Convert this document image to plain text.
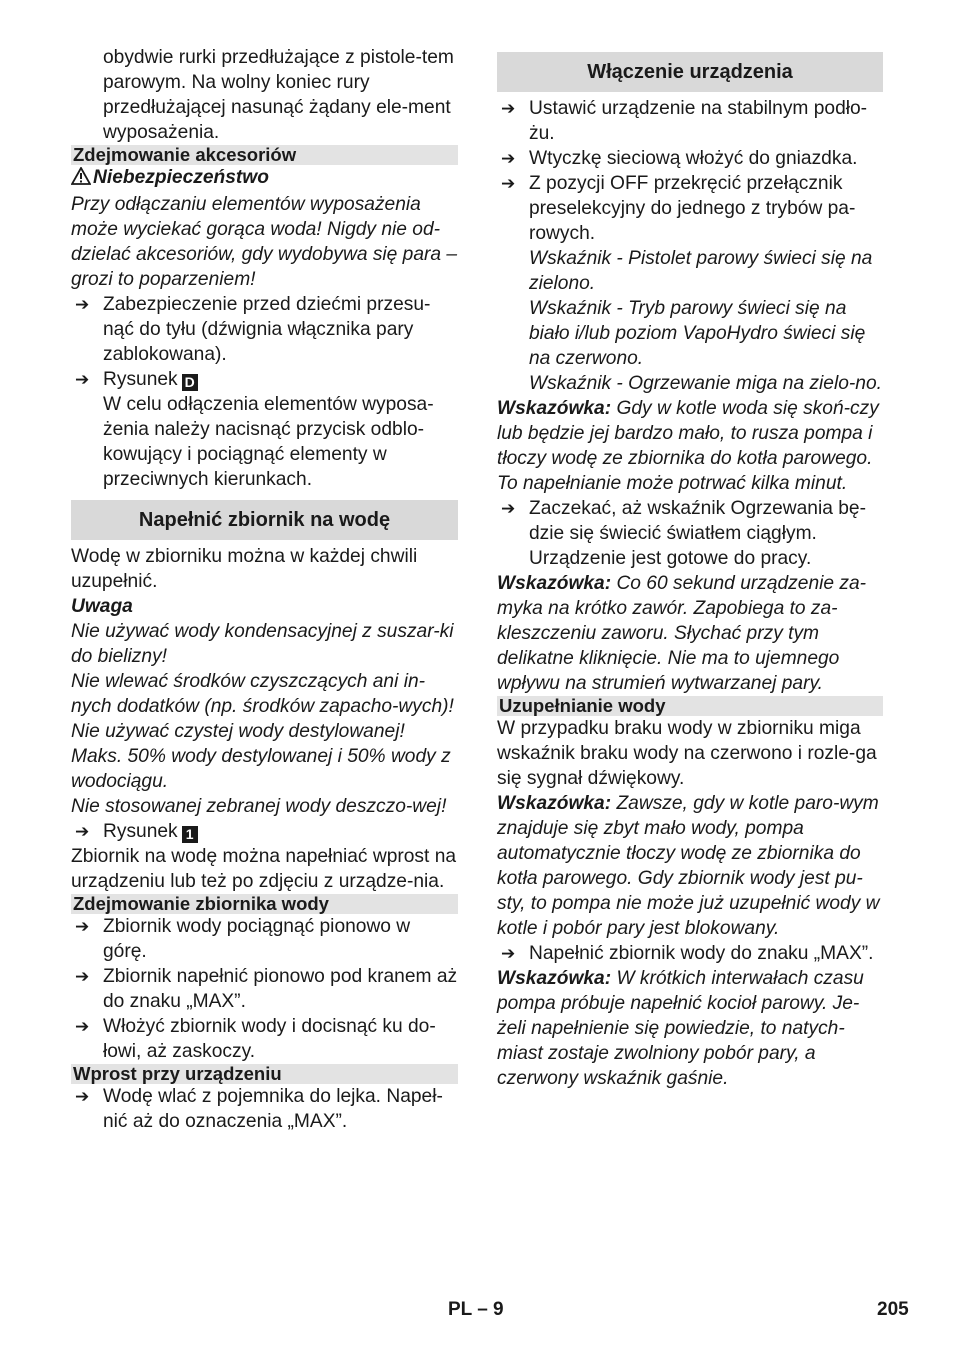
obydwie rurki przedłużające z pistole-tem parowym. Na wolny koniec rury przedłużającej nasunąć żądany ele-ment wyposażenia.

Zdejmowanie akcesoriów

Niebezpieczeństwo

Przy odłączaniu elementów wyposażenia może wyciekać gorąca woda! Nigdy nie od-dzielać akcesoriów, gdy wydobywa się para – grozi to poparzeniem!

➔ Zabezpieczenie przed dziećmi przesu-nąć do tyłu (dźwignia włącznika pary zablokowana).

➔ Rysunek D

W celu odłączenia elementów wyposa-żenia należy nacisnąć przycisk odblo-kowujący i pociągnąć elementy w przeciwnych kierunkach.

Napełnić zbiornik na wodę

Wodę w zbiorniku można w każdej chwili uzupełnić.

Uwaga

Nie używać wody kondensacyjnej z suszar-ki do bielizny!

Nie wlewać środków czyszczących ani in-nych dodatków (np. środków zapacho-wych)!

Nie używać czystej wody destylowanej! Maks. 50% wody destylowanej i 50% wody z wodociągu.

Nie stosowanej zebranej wody deszczo-wej!

➔ Rysunek 1

Zbiornik na wodę można napełniać wprost na urządzeniu lub też po zdjęciu z urządze-nia.

Zdejmowanie zbiornika wody

➔ Zbiornik wody pociągnąć pionowo w górę.

➔ Zbiornik napełnić pionowo pod kranem aż do znaku „MAX”.

➔ Włożyć zbiornik wody i docisnąć ku do-łowi, aż zaskoczy.

Wprost przy urządzeniu

➔ Wodę wlać z pojemnika do lejka. Napeł-nić aż do oznaczenia „MAX”.

Włączenie urządzenia

➔ Ustawić urządzenie na stabilnym podło-żu.

➔ Wtyczkę sieciową włożyć do gniazdka.

➔ Z pozycji OFF przekręcić przełącznik preselekcyjny do jednego z trybów pa-rowych.

Wskaźnik - Pistolet parowy świeci się na zielono.

Wskaźnik - Tryb parowy świeci się na biało i/lub poziom VapoHydro świeci się na czerwono.

Wskaźnik - Ogrzewanie miga na zielo-no.

Wskazówka: Gdy w kotle woda się skoń-czy lub będzie jej bardzo mało, to rusza pompa i tłoczy wodę ze zbiornika do kotła parowego. To napełnianie może potrwać kilka minut.

➔ Zaczekać, aż wskaźnik Ogrzewania bę-dzie się świecić światłem ciągłym.

Urządzenie jest gotowe do pracy.

Wskazówka: Co 60 sekund urządzenie za-myka na krótko zawór. Zapobiega to za-kleszczeniu zaworu. Słychać przy tym delikatne kliknięcie. Nie ma to ujemnego wpływu na strumień wytwarzanej pary.

Uzupełnianie wody

W przypadku braku wody w zbiorniku miga wskaźnik braku wody na czerwono i rozle-ga się sygnał dźwiękowy.

Wskazówka: Zawsze, gdy w kotle paro-wym znajduje się zbyt mało wody, pompa automatycznie tłoczy wodę ze zbiornika do kotła parowego. Gdy zbiornik wody jest pu-sty, to pompa nie może już uzupełnić wody w kotle i pobór pary jest blokowany.

➔ Napełnić zbiornik wody do znaku „MAX”.

Wskazówka: W krótkich interwałach czasu pompa próbuje napełnić kocioł parowy. Je-żeli napełnienie się powiedzie, to natych-miast zostaje zwolniony pobór pary, a czerwony wskaźnik gaśnie.

PL – 9	205
